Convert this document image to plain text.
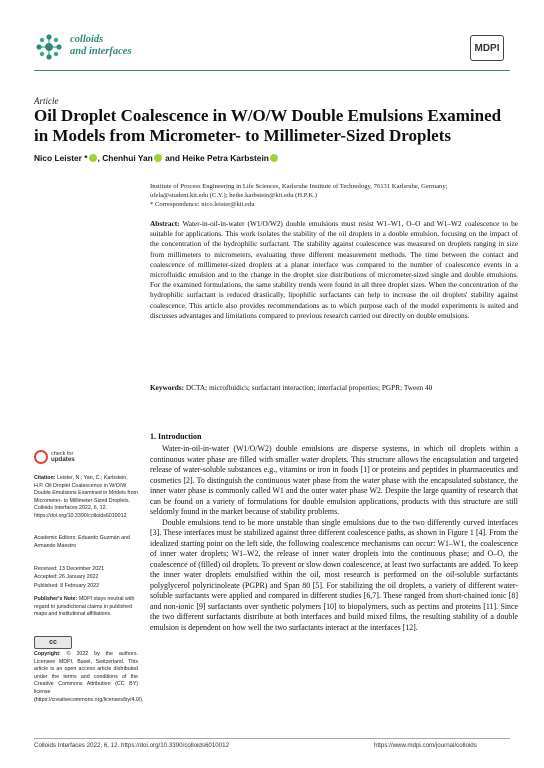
colloids
and interfaces	MDPI
Article
Oil Droplet Coalescence in W/O/W Double Emulsions Examined in Models from Micrometer- to Millimeter-Sized Droplets
Nico Leister * , Chenhui Yan and Heike Petra Karbstein
Institute of Process Engineering in Life Sciences, Karlsruhe Institute of Technology, 76131 Karlsruhe, Germany;
ufela@student.kit.edu (C.Y.); heike.karbstein@kit.edu (H.P.K.)
* Correspondence: nico.leister@kit.edu
Abstract: Water-in-oil-in-water (W1/O/W2) double emulsions must resist W1–W1, O–O and W1–W2 coalescence to be suitable for applications. This work isolates the stability of the oil droplets in a double emulsion, focusing on the impact of the concentration of the hydrophilic surfactant. The stability against coalescence was measured on droplets ranging in size from millimeters to micrometers, evaluating three different measurement methods. The time between the contact and coalescence of millimeter-sized droplets at a planar interface was compared to the number of coalescence events in a microfluidic emulsion and to the change in the droplet size distributions of micrometer-sized single and double emulsions. For the examined formulations, the same stability trends were found in all three droplet sizes. When the concentration of the hydrophilic surfactant is reduced drastically, lipophilic surfactants can help to increase the oil droplets' stability against coalescence. This article also provides recommendations as to which purpose each of the model experiments is suited and discusses advantages and limitations compared to previous research carried out directly on double emulsions.
Keywords: DCTA; microfluidics; surfactant interaction; interfacial properties; PGPR; Tween 40
check for
updates
Citation: Leister, N.; Yan, C.; Karbstein, H.P. Oil Droplet Coalescence in W/O/W Double Emulsions Examined in Models from Micrometer- to Millimeter-Sized Droplets. Colloids Interfaces 2022, 6, 12. https://doi.org/10.3390/colloids6010012
Academic Editors: Eduardo Guzmán and Armando Maestro
Received: 13 December 2021
Accepted: 26 January 2022
Published: 8 February 2022
Publisher's Note: MDPI stays neutral with regard to jurisdictional claims in published maps and institutional affiliations.
cc
Copyright: © 2022 by the authors. Licensee MDPI, Basel, Switzerland. This article is an open access article distributed under the terms and conditions of the Creative Commons Attribution (CC BY) license (https://creativecommons.org/licenses/by/4.0/).
1. Introduction

Water-in-oil-in-water (W1/O/W2) double emulsions are disperse systems, in which oil droplets within a continuous water phase are filled with smaller water droplets. This structure allows the encapsulation and targeted release of water-soluble substances e.g., vitamins or iron in foods [1] or proteins and peptides in pharmaceutics and cosmetics [2]. To distinguish the continuous water phase from the water phase with the encapsulated substance, the inner water phase is commonly called W1 and the outer water phase W2. Despite the large quantity of research that can be found on a variety of formulations for double emulsion applications, products with this structure are still seldomly found in the market because of stability problems.

Double emulsions tend to be more unstable than single emulsions due to the two differently curved interfaces [3]. These interfaces must be stabilized against three different coalescence paths, as shown in Figure 1 [4]. From the idealized starting point on the left side, the following coalescence mechanisms can occur: W1–W1, the coalescence of inner water droplets; W1–W2, the release of inner water droplets into the continuous phase; and O–O, the coalescence of (filled) oil droplets. To prevent or slow down coalescence, at least two surfactants are added. To keep the inner water droplets emulsified within the oil, most research is performed on the oil-soluble surfactants polyglycerol polyricinoleate (PGPR) and Span 80 [5]. For stabilizing the oil droplets, a variety of different water-soluble surfactants were applied and compared in different studies [6,7]. These ranged from short-chained ionic [8] and non-ionic [9] surfactants over synthetic polymers [10] to biopolymers, such as pectins and proteins [11]. Since the two different surfactants distribute at both interfaces and build mixed films, the resulting stability of a double emulsion is dependent on how well the two surfactants interact at the interfaces [12].

Colloids Interfaces 2022, 6, 12. https://doi.org/10.3390/colloids6010012	https://www.mdpi.com/journal/colloids
